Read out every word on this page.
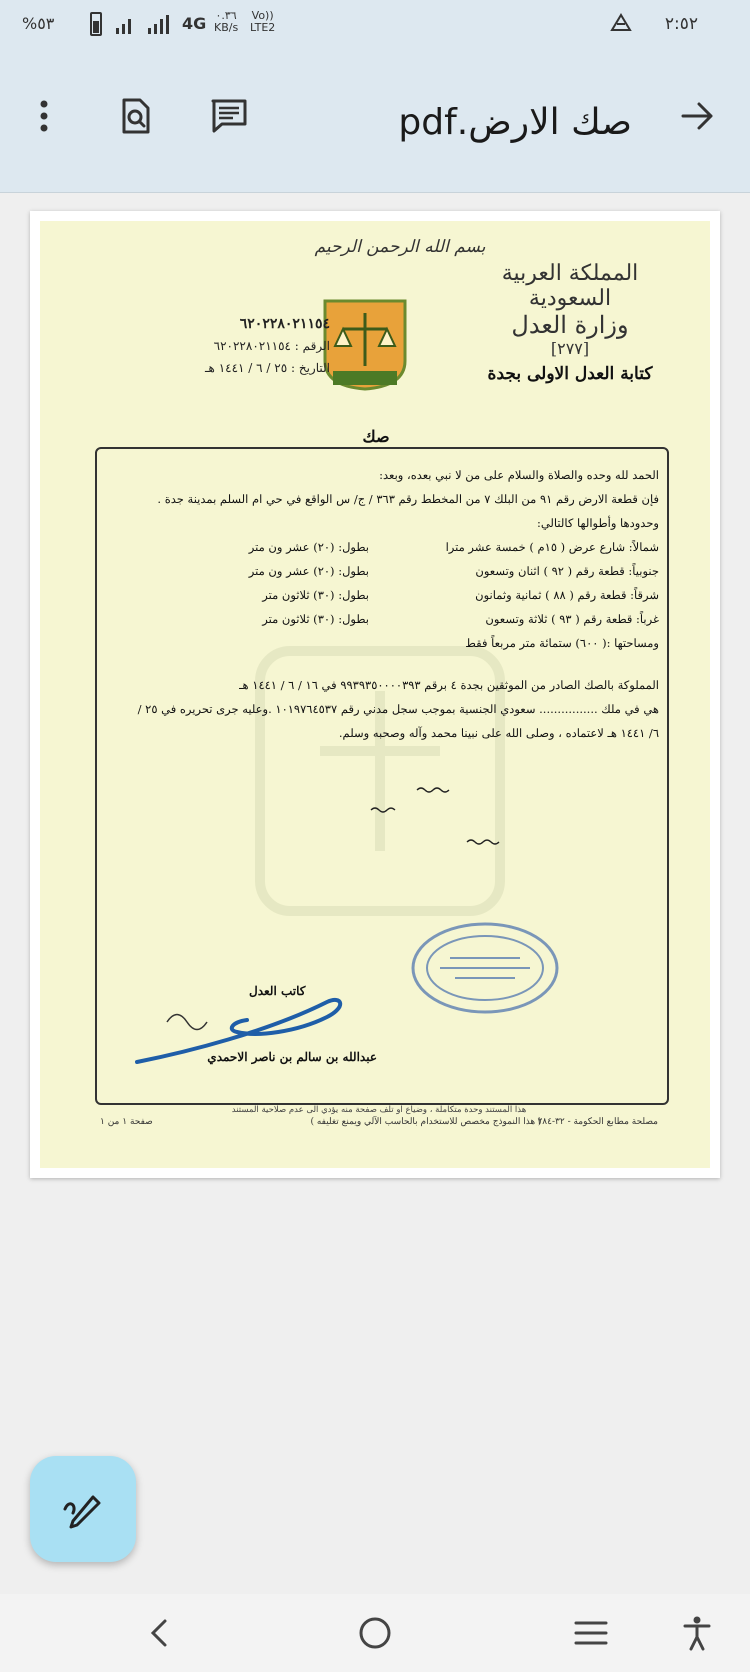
%٥٣	4G ٠.٣٦
KB/s
Vo))
LTE2	٢:٥٢
صك الارض.pdf
بسم الله الرحمن الرحيم
المملكة العربية السعودية
وزارة العدل
[٢٧٧]
كتابة العدل الاولى بجدة
٦٢٠٢٢٨٠٢١١٥٤
الرقم : ٦٢٠٢٢٨٠٢١١٥٤
التاريخ : ٢٥ / ٦ / ١٤٤١ هـ
صك

الحمد لله وحده والصلاة والسلام على من لا نبي بعده، وبعد:

فإن قطعة الارض رقم ٩١ من البلك ٧ من المخطط رقم ٣٦٣ / ج/ س الواقع في حي ام السلم بمدينة جدة .

وحدودها وأطوالها كالتالي:

شمالاً: شارع عرض ( ١٥م ) خمسة عشر مترا
بطول: (٢٠) عشر ون متر
جنوبياً: قطعة رقم ( ٩٢ ) اثنان وتسعون
بطول: (٢٠) عشر ون متر
شرقاً: قطعة رقم ( ٨٨ ) ثمانية وثمانون
بطول: (٣٠) ثلاثون متر
غرباً: قطعة رقم ( ٩٣ ) ثلاثة وتسعون
بطول: (٣٠) ثلاثون متر

ومساحتها :( ٦٠٠) ستمائة متر مربعاً فقط

المملوكة بالصك الصادر من الموثقين بجدة ٤ برقم ٩٩٣٩٣٥٠٠٠٠٣٩٣ في ١٦ / ٦ / ١٤٤١ هـ

هي في ملك ................ سعودي الجنسية بموجب سجل مدني رقم ١٠١٩٧٦٤٥٣٧ .وعليه جرى تحريره في ٢٥ /

٦/ ١٤٤١ هـ لاعتماده ، وصلى الله على نبينا محمد وآله وصحبه وسلم.

كاتب العدل
عبدالله بن سالم بن ناصر الاحمدي
هذا المستند وحدة متكاملة ، وضياع او تلف صفحة منه يؤدي الى عدم صلاحية المستند
مصلحة مطابع الحكومة - ٣٢-٢٨٤
( هذا النموذج مخصص للاستخدام بالحاسب الآلي ويمنع تغليفه )
صفحة ١ من ١
